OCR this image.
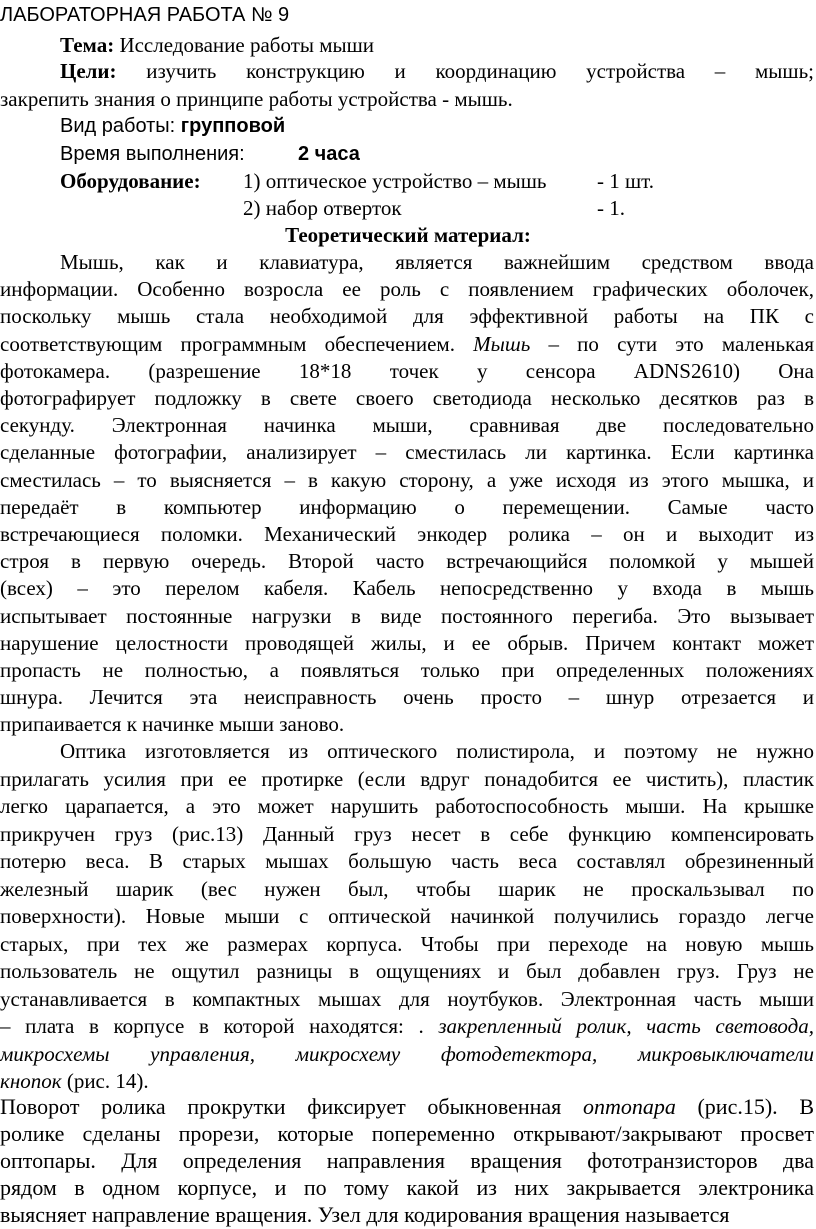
ЛАБОРАТОРНАЯ РАБОТА № 9
Тема: Исследование работы мыши
Цели: изучить конструкцию и координацию устройства – мышь;
закрепить знания о принципе работы устройства - мышь.
Вид работы: групповой
Время выполнения:	2 часа
Оборудование: 1) оптическое устройство – мышь - 1 шт.
2) набор отверток	- 1.
Теоретический материал:
Мышь, как и клавиатура, является важнейшим средством ввода
информации. Особенно возросла ее роль с появлением графических оболочек,
поскольку мышь стала необходимой для эффективной работы на ПК с
соответствующим программным обеспечением. Мышь – по сути это маленькая
фотокамера. (разрешение 18*18 точек у сенсора ADNS2610) Она
фотографирует подложку в свете своего светодиода несколько десятков раз в
секунду. Электронная начинка мыши, сравнивая две последовательно
сделанные фотографии, анализирует – сместилась ли картинка. Если картинка
сместилась – то выясняется – в какую сторону, а уже исходя из этого мышка, и
передаёт в компьютер информацию о перемещении. Самые часто
встречающиеся поломки. Механический энкодер ролика – он и выходит из
строя в первую очередь. Второй часто встречающийся поломкой у мышей
(всех) – это перелом кабеля. Кабель непосредственно у входа в мышь
испытывает постоянные нагрузки в виде постоянного перегиба. Это вызывает
нарушение целостности проводящей жилы, и ее обрыв. Причем контакт может
пропасть не полностью, а появляться только при определенных положениях
шнура. Лечится эта неисправность очень просто – шнур отрезается и
припаивается к начинке мыши заново.
Оптика изготовляется из оптического полистирола, и поэтому не нужно
прилагать усилия при ее протирке (если вдруг понадобится ее чистить), пластик
легко царапается, а это может нарушить работоспособность мыши. На крышке
прикручен груз (рис.13) Данный груз несет в себе функцию компенсировать
потерю веса. В старых мышах большую часть веса составлял обрезиненный
железный шарик (вес нужен был, чтобы шарик не проскальзывал по
поверхности). Новые мыши с оптической начинкой получились гораздо легче
старых, при тех же размерах корпуса. Чтобы при переходе на новую мышь
пользователь не ощутил разницы в ощущениях и был добавлен груз. Груз не
устанавливается в компактных мышах для ноутбуков. Электронная часть мыши
– плата в корпусе в которой находятся: . закрепленный ролик, часть световода,
микросхемы управления, микросхему фотодетектора, микровыключатели
кнопок (рис. 14).
Поворот ролика прокрутки фиксирует обыкновенная оптопара (рис.15). В
ролике сделаны прорези, которые попеременно открывают/закрывают просвет
оптопары. Для определения направления вращения фототранзисторов два
рядом в одном корпусе, и по тому какой из них закрывается электроника
выясняет направление вращения. Узел для кодирования вращения называется
